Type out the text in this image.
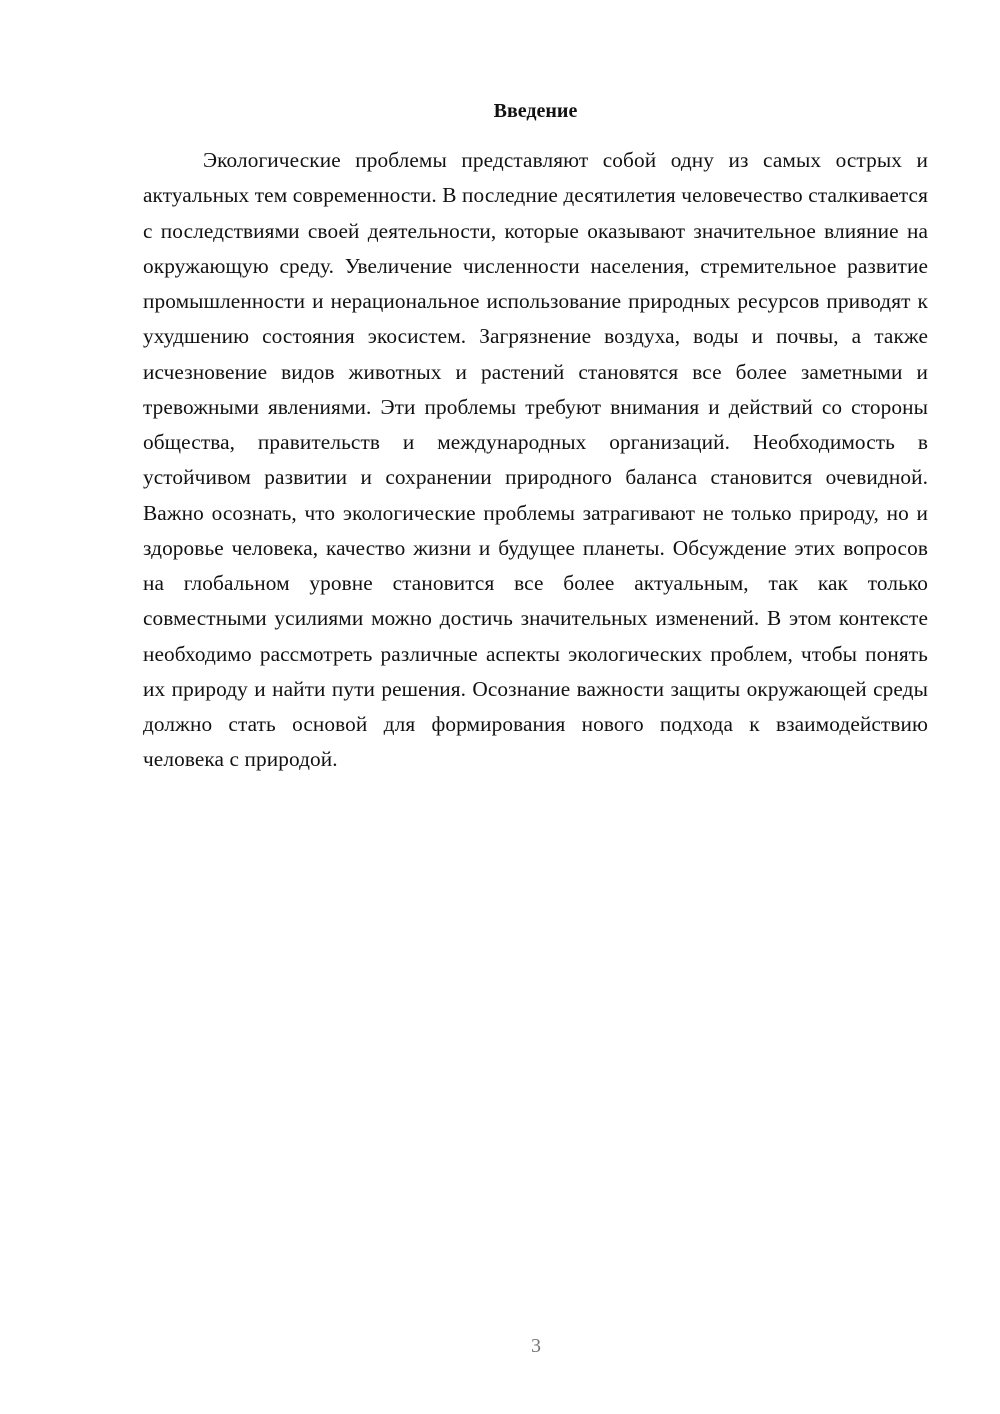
Введение

Экологические проблемы представляют собой одну из самых острых и актуальных тем современности. В последние десятилетия человечество сталкивается с последствиями своей деятельности, которые оказывают значительное влияние на окружающую среду. Увеличение численности населения, стремительное развитие промышленности и нерациональное использование природных ресурсов приводят к ухудшению состояния экосистем. Загрязнение воздуха, воды и почвы, а также исчезновение видов животных и растений становятся все более заметными и тревожными явлениями. Эти проблемы требуют внимания и действий со стороны общества, правительств и международных организаций. Необходимость в устойчивом развитии и сохранении природного баланса становится очевидной. Важно осознать, что экологические проблемы затрагивают не только природу, но и здоровье человека, качество жизни и будущее планеты. Обсуждение этих вопросов на глобальном уровне становится все более актуальным, так как только совместными усилиями можно достичь значительных изменений. В этом контексте необходимо рассмотреть различные аспекты экологических проблем, чтобы понять их природу и найти пути решения. Осознание важности защиты окружающей среды должно стать основой для формирования нового подхода к взаимодействию человека с природой.

3
